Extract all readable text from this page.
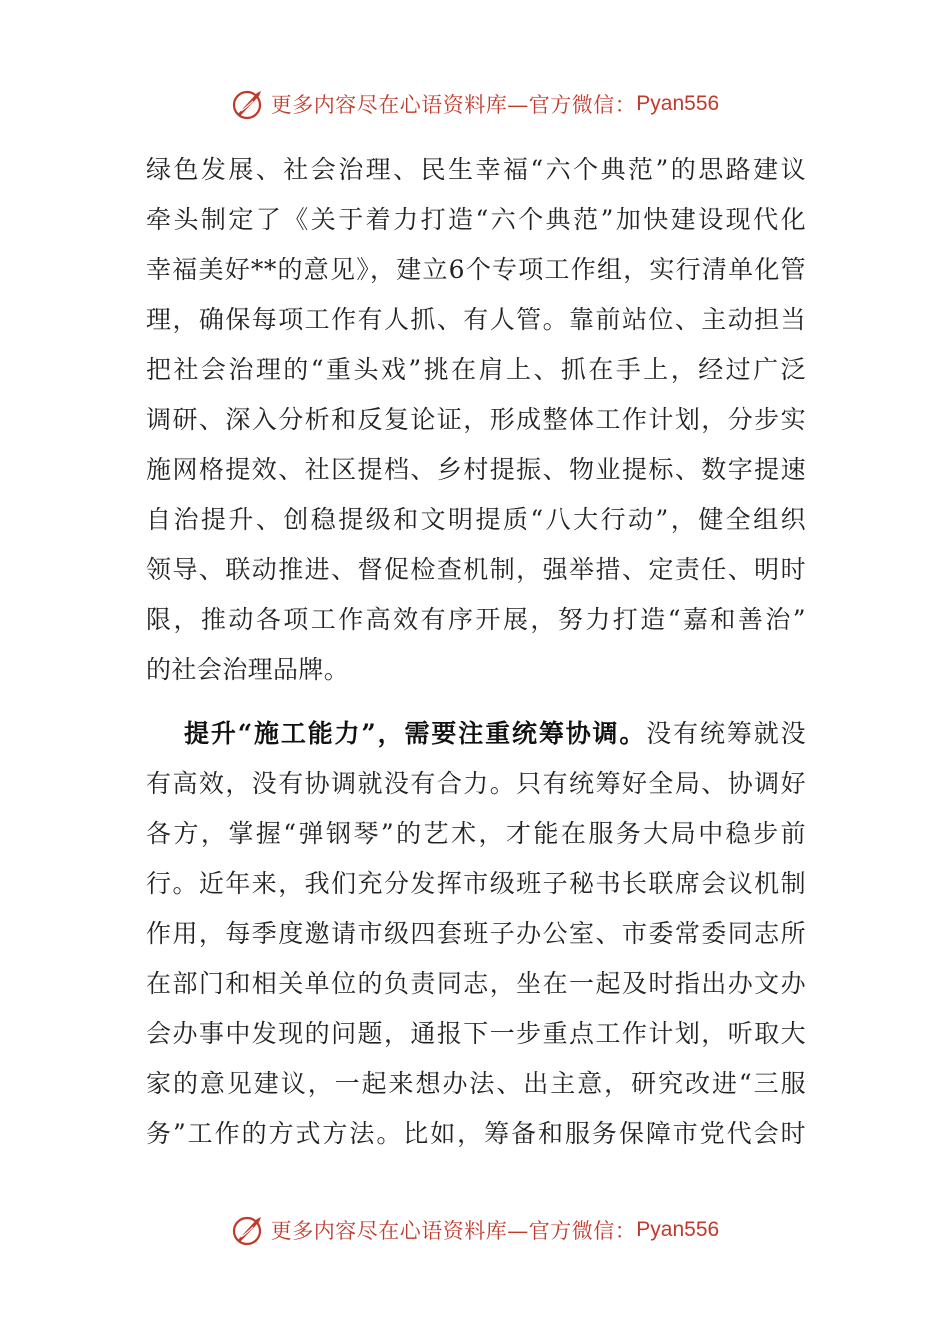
更多内容尽在心语资料库—官方微信： Pyan556
绿色发展、社会治理、民生幸福“六个典范”的思路建议
牵头制定了《关于着力打造“六个典范”加快建设现代化
幸福美好**的意见》，建立6个专项工作组，实行清单化管
理，确保每项工作有人抓、有人管。靠前站位、主动担当
把社会治理的“重头戏”挑在肩上、抓在手上，经过广泛
调研、深入分析和反复论证，形成整体工作计划，分步实
施网格提效、社区提档、乡村提振、物业提标、数字提速
自治提升、创稳提级和文明提质“八大行动”，健全组织
领导、联动推进、督促检查机制，强举措、定责任、明时
限，推动各项工作高效有序开展，努力打造“嘉和善治”
的社会治理品牌。
提升“施工能力”，需要注重统筹协调。没有统筹就没
有高效，没有协调就没有合力。只有统筹好全局、协调好
各方，掌握“弹钢琴”的艺术，才能在服务大局中稳步前
行。近年来，我们充分发挥市级班子秘书长联席会议机制
作用，每季度邀请市级四套班子办公室、市委常委同志所
在部门和相关单位的负责同志，坐在一起及时指出办文办
会办事中发现的问题，通报下一步重点工作计划，听取大
家的意见建议，一起来想办法、出主意，研究改进“三服
务”工作的方式方法。比如，筹备和服务保障市党代会时
更多内容尽在心语资料库—官方微信： Pyan556
